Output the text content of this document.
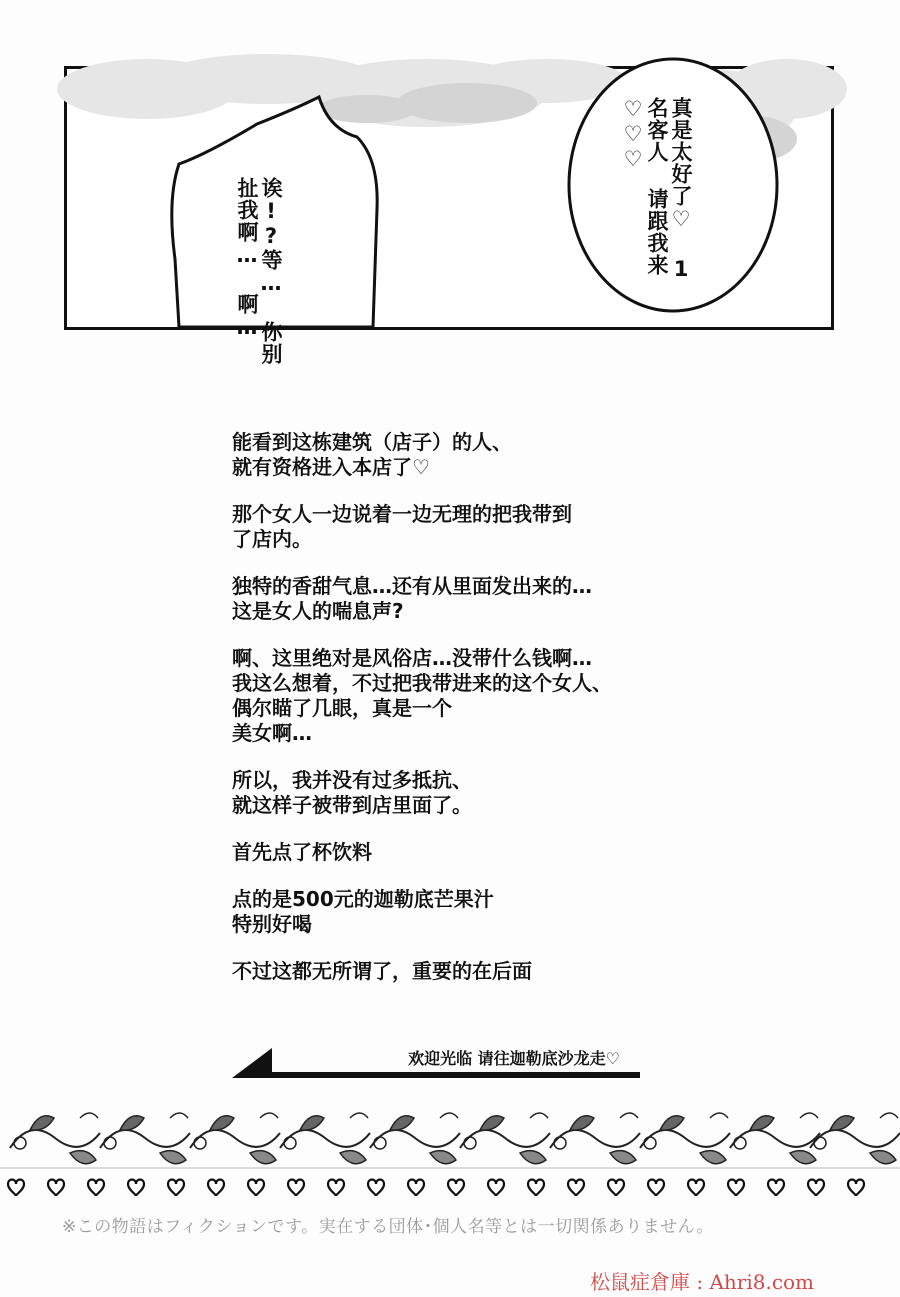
诶!?等… 你别扯我啊… 啊…
真是太好了♡ 1名客人 请跟我来♡♡♡
能看到这栋建筑（店子）的人、
就有资格进入本店了♡
那个女人一边说着一边无理的把我带到
了店内。
独特的香甜气息…还有从里面发出来的…
这是女人的喘息声?
啊、这里绝对是风俗店…没带什么钱啊…
我这么想着，不过把我带进来的这个女人、
偶尔瞄了几眼，真是一个
美女啊…
所以，我并没有过多抵抗、
就这样子被带到店里面了。
首先点了杯饮料
点的是500元的迦勒底芒果汁
特别好喝
不过这都无所谓了，重要的在后面
欢迎光临 请往迦勒底沙龙走♡
※この物語はフィクションです。実在する団体･個人名等とは一切関係ありません。
松鼠症倉庫 : Ahri8.com
